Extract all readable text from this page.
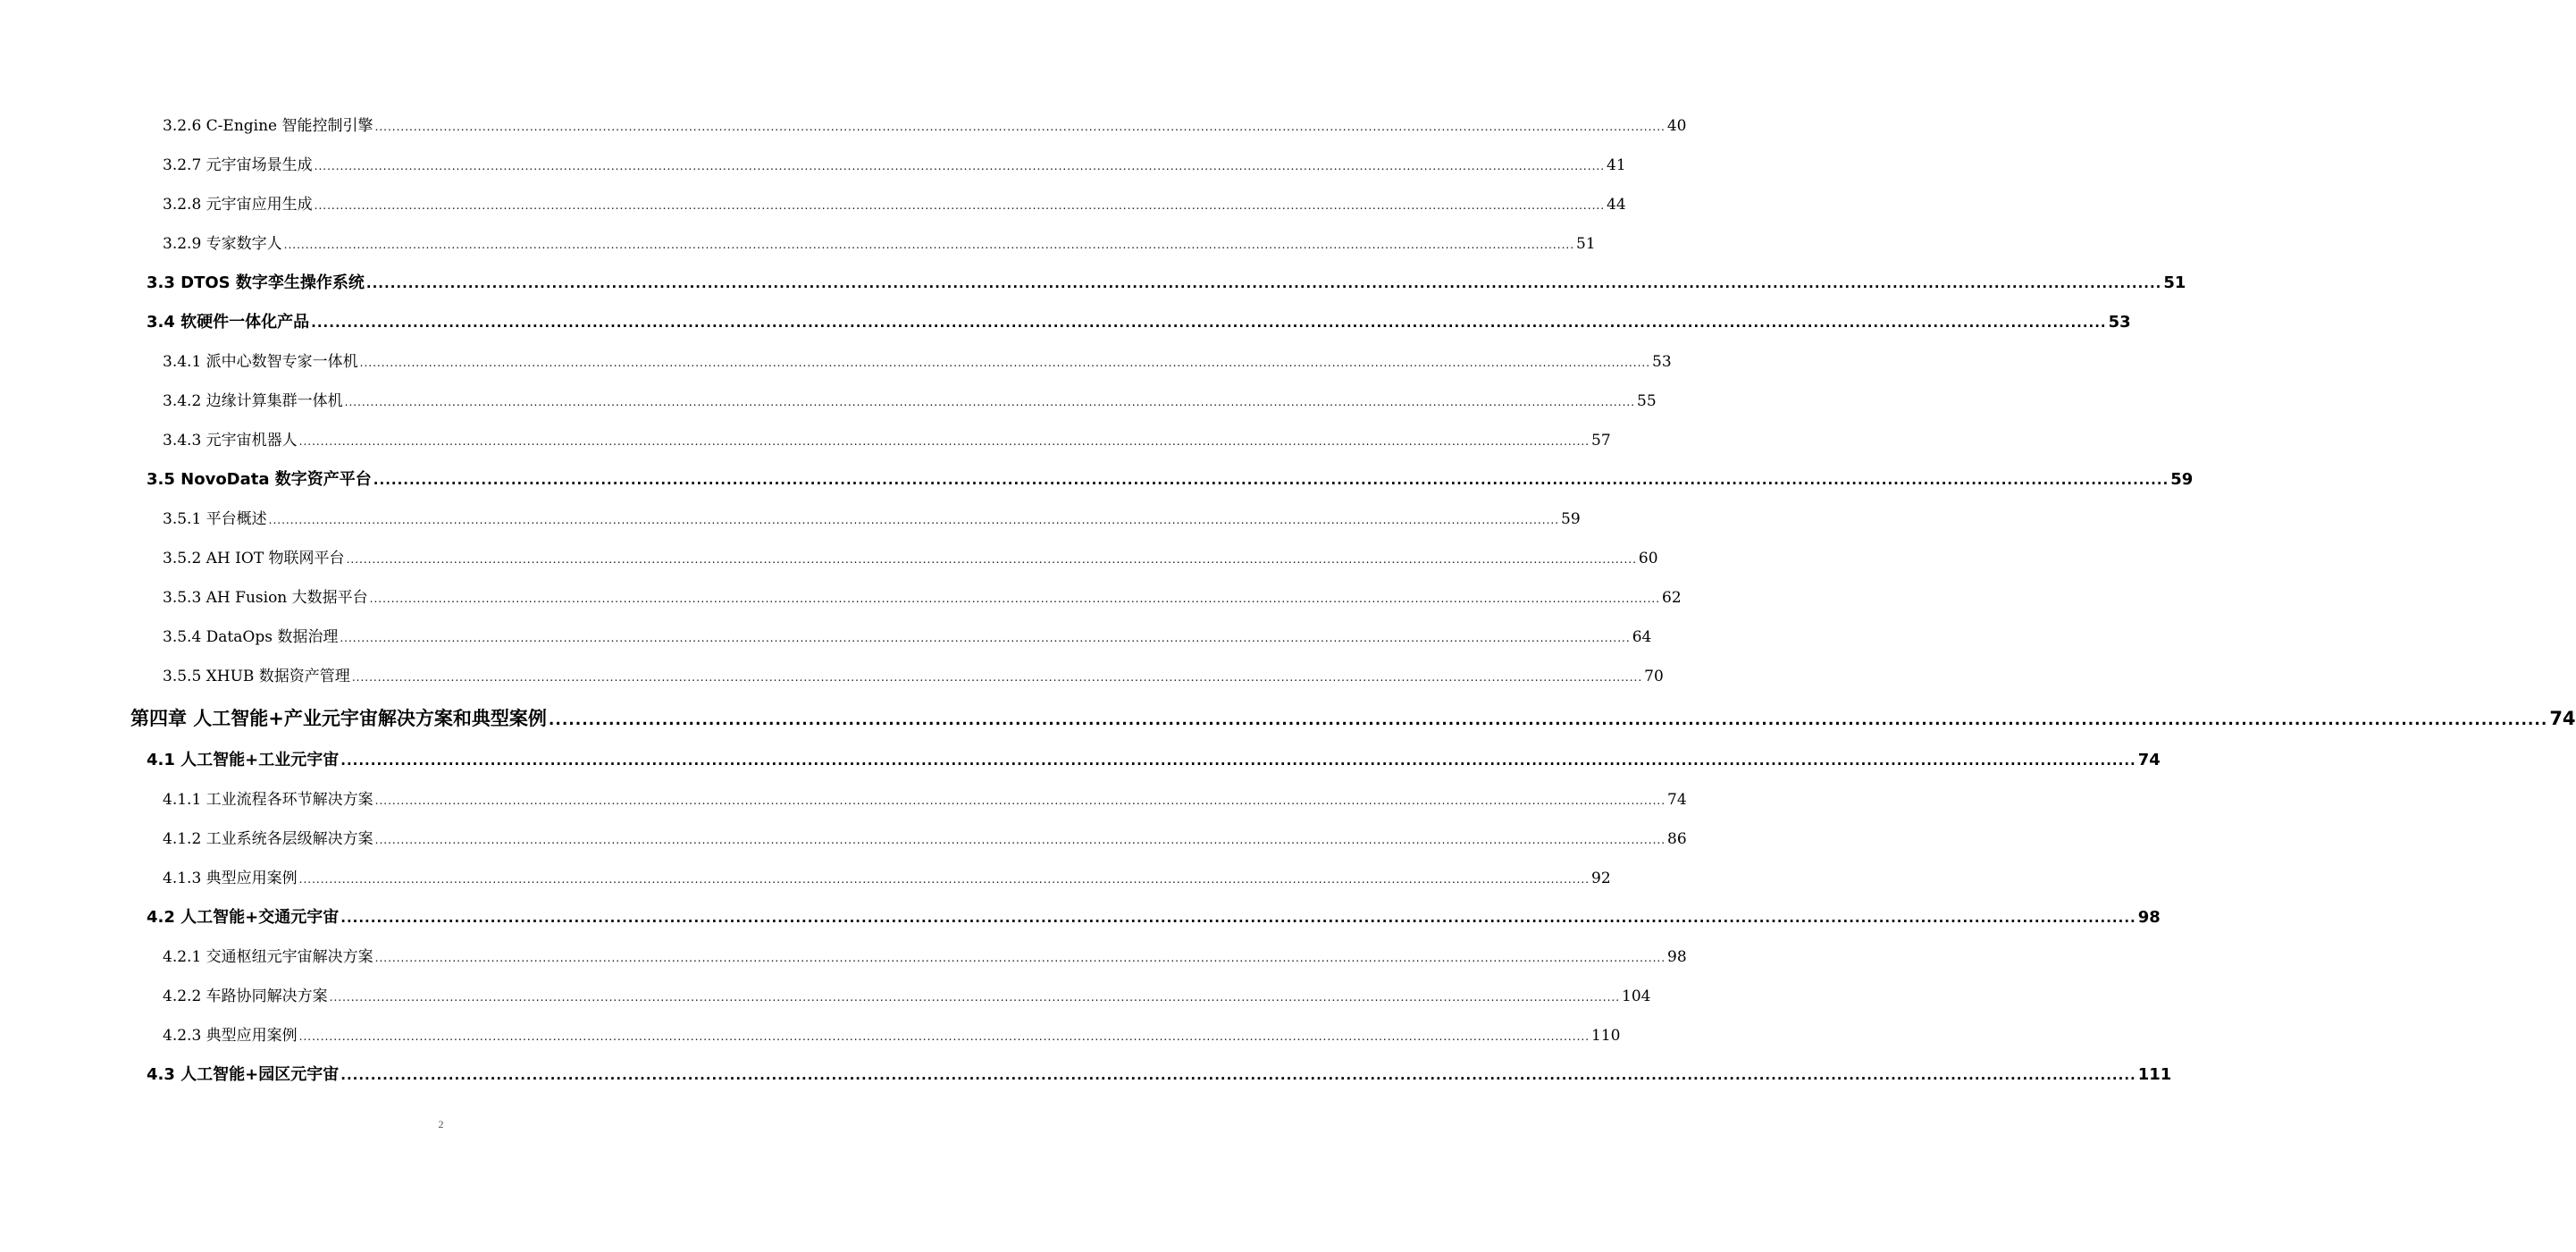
3.2.6 C-Engine 智能控制引擎 ............................................................................................................................................................................................................................................................................................................ 40
3.2.7 元宇宙场景生成 ............................................................................................................................................................................................................................................................................................................ 41
3.2.8 元宇宙应用生成 ............................................................................................................................................................................................................................................................................................................ 44
3.2.9 专家数字人 ............................................................................................................................................................................................................................................................................................................ 51
3.3 DTOS 数字孪生操作系统 ............................................................................................................................................................................................................................................................................................................ 51
3.4 软硬件一体化产品 ............................................................................................................................................................................................................................................................................................................ 53
3.4.1 派中心数智专家一体机 ............................................................................................................................................................................................................................................................................................................ 53
3.4.2 边缘计算集群一体机 ............................................................................................................................................................................................................................................................................................................ 55
3.4.3 元宇宙机器人 ............................................................................................................................................................................................................................................................................................................ 57
3.5 NovoData 数字资产平台 ............................................................................................................................................................................................................................................................................................................ 59
3.5.1 平台概述 ............................................................................................................................................................................................................................................................................................................ 59
3.5.2 AH IOT 物联网平台 ............................................................................................................................................................................................................................................................................................................ 60
3.5.3 AH Fusion 大数据平台 ............................................................................................................................................................................................................................................................................................................ 62
3.5.4 DataOps 数据治理 ............................................................................................................................................................................................................................................................................................................ 64
3.5.5 XHUB 数据资产管理 ............................................................................................................................................................................................................................................................................................................ 70
第四章 人工智能+产业元宇宙解决方案和典型案例 ............................................................................................................................................................................................................................................................................................................ 74
4.1 人工智能+工业元宇宙 ............................................................................................................................................................................................................................................................................................................ 74
4.1.1 工业流程各环节解决方案 ............................................................................................................................................................................................................................................................................................................ 74
4.1.2 工业系统各层级解决方案 ............................................................................................................................................................................................................................................................................................................ 86
4.1.3 典型应用案例 ............................................................................................................................................................................................................................................................................................................ 92
4.2 人工智能+交通元宇宙 ............................................................................................................................................................................................................................................................................................................ 98
4.2.1 交通枢纽元宇宙解决方案 ............................................................................................................................................................................................................................................................................................................ 98
4.2.2 车路协同解决方案 ............................................................................................................................................................................................................................................................................................................ 104
4.2.3 典型应用案例 ............................................................................................................................................................................................................................................................................................................ 110
4.3 人工智能+园区元宇宙 ............................................................................................................................................................................................................................................................................................................ 111
2
